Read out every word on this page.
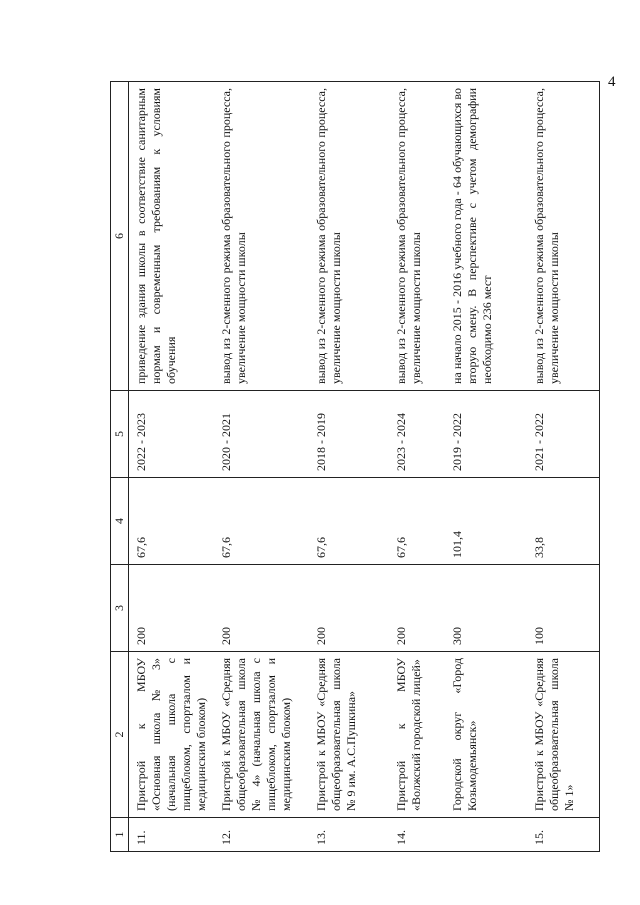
4
1	2	3	4	5	6
11.	Пристрой к МБОУ «Основная школа № 3» (начальная школа с пищеблоком, спортзалом и медицинским блоком)	200	67,6	2022 - 2023	приведение здания школы в соответствие санитарным нормам и современным требованиям к условиям обучения
12.	Пристрой к МБОУ «Средняя общеобразовательная школа № 4» (начальная школа с пищеблоком, спортзалом и медицинским блоком)	200	67,6	2020 - 2021	вывод из 2-сменного режима образовательного процесса, увеличение мощности школы
13.	Пристрой к МБОУ «Средняя общеобразовательная школа № 9 им. А.С.Пушкина»	200	67,6	2018 - 2019	вывод из 2-сменного режима образовательного процесса, увеличение мощности школы
14.	Пристрой к МБОУ «Волжский городской лицей»	200	67,6	2023 - 2024	вывод из 2-сменного режима образовательного процесса, увеличение мощности школы
	Городской округ «Город Козьмодемьянск»	300	101,4	2019 - 2022	на начало 2015 - 2016 учебного года - 64 обучающихся во вторую смену. В перспективе с учетом демографии необходимо 236 мест
15.	Пристрой к МБОУ «Средняя общеобразовательная школа № 1»	100	33,8	2021 - 2022	вывод из 2-сменного режима образовательного процесса, увеличение мощности школы
